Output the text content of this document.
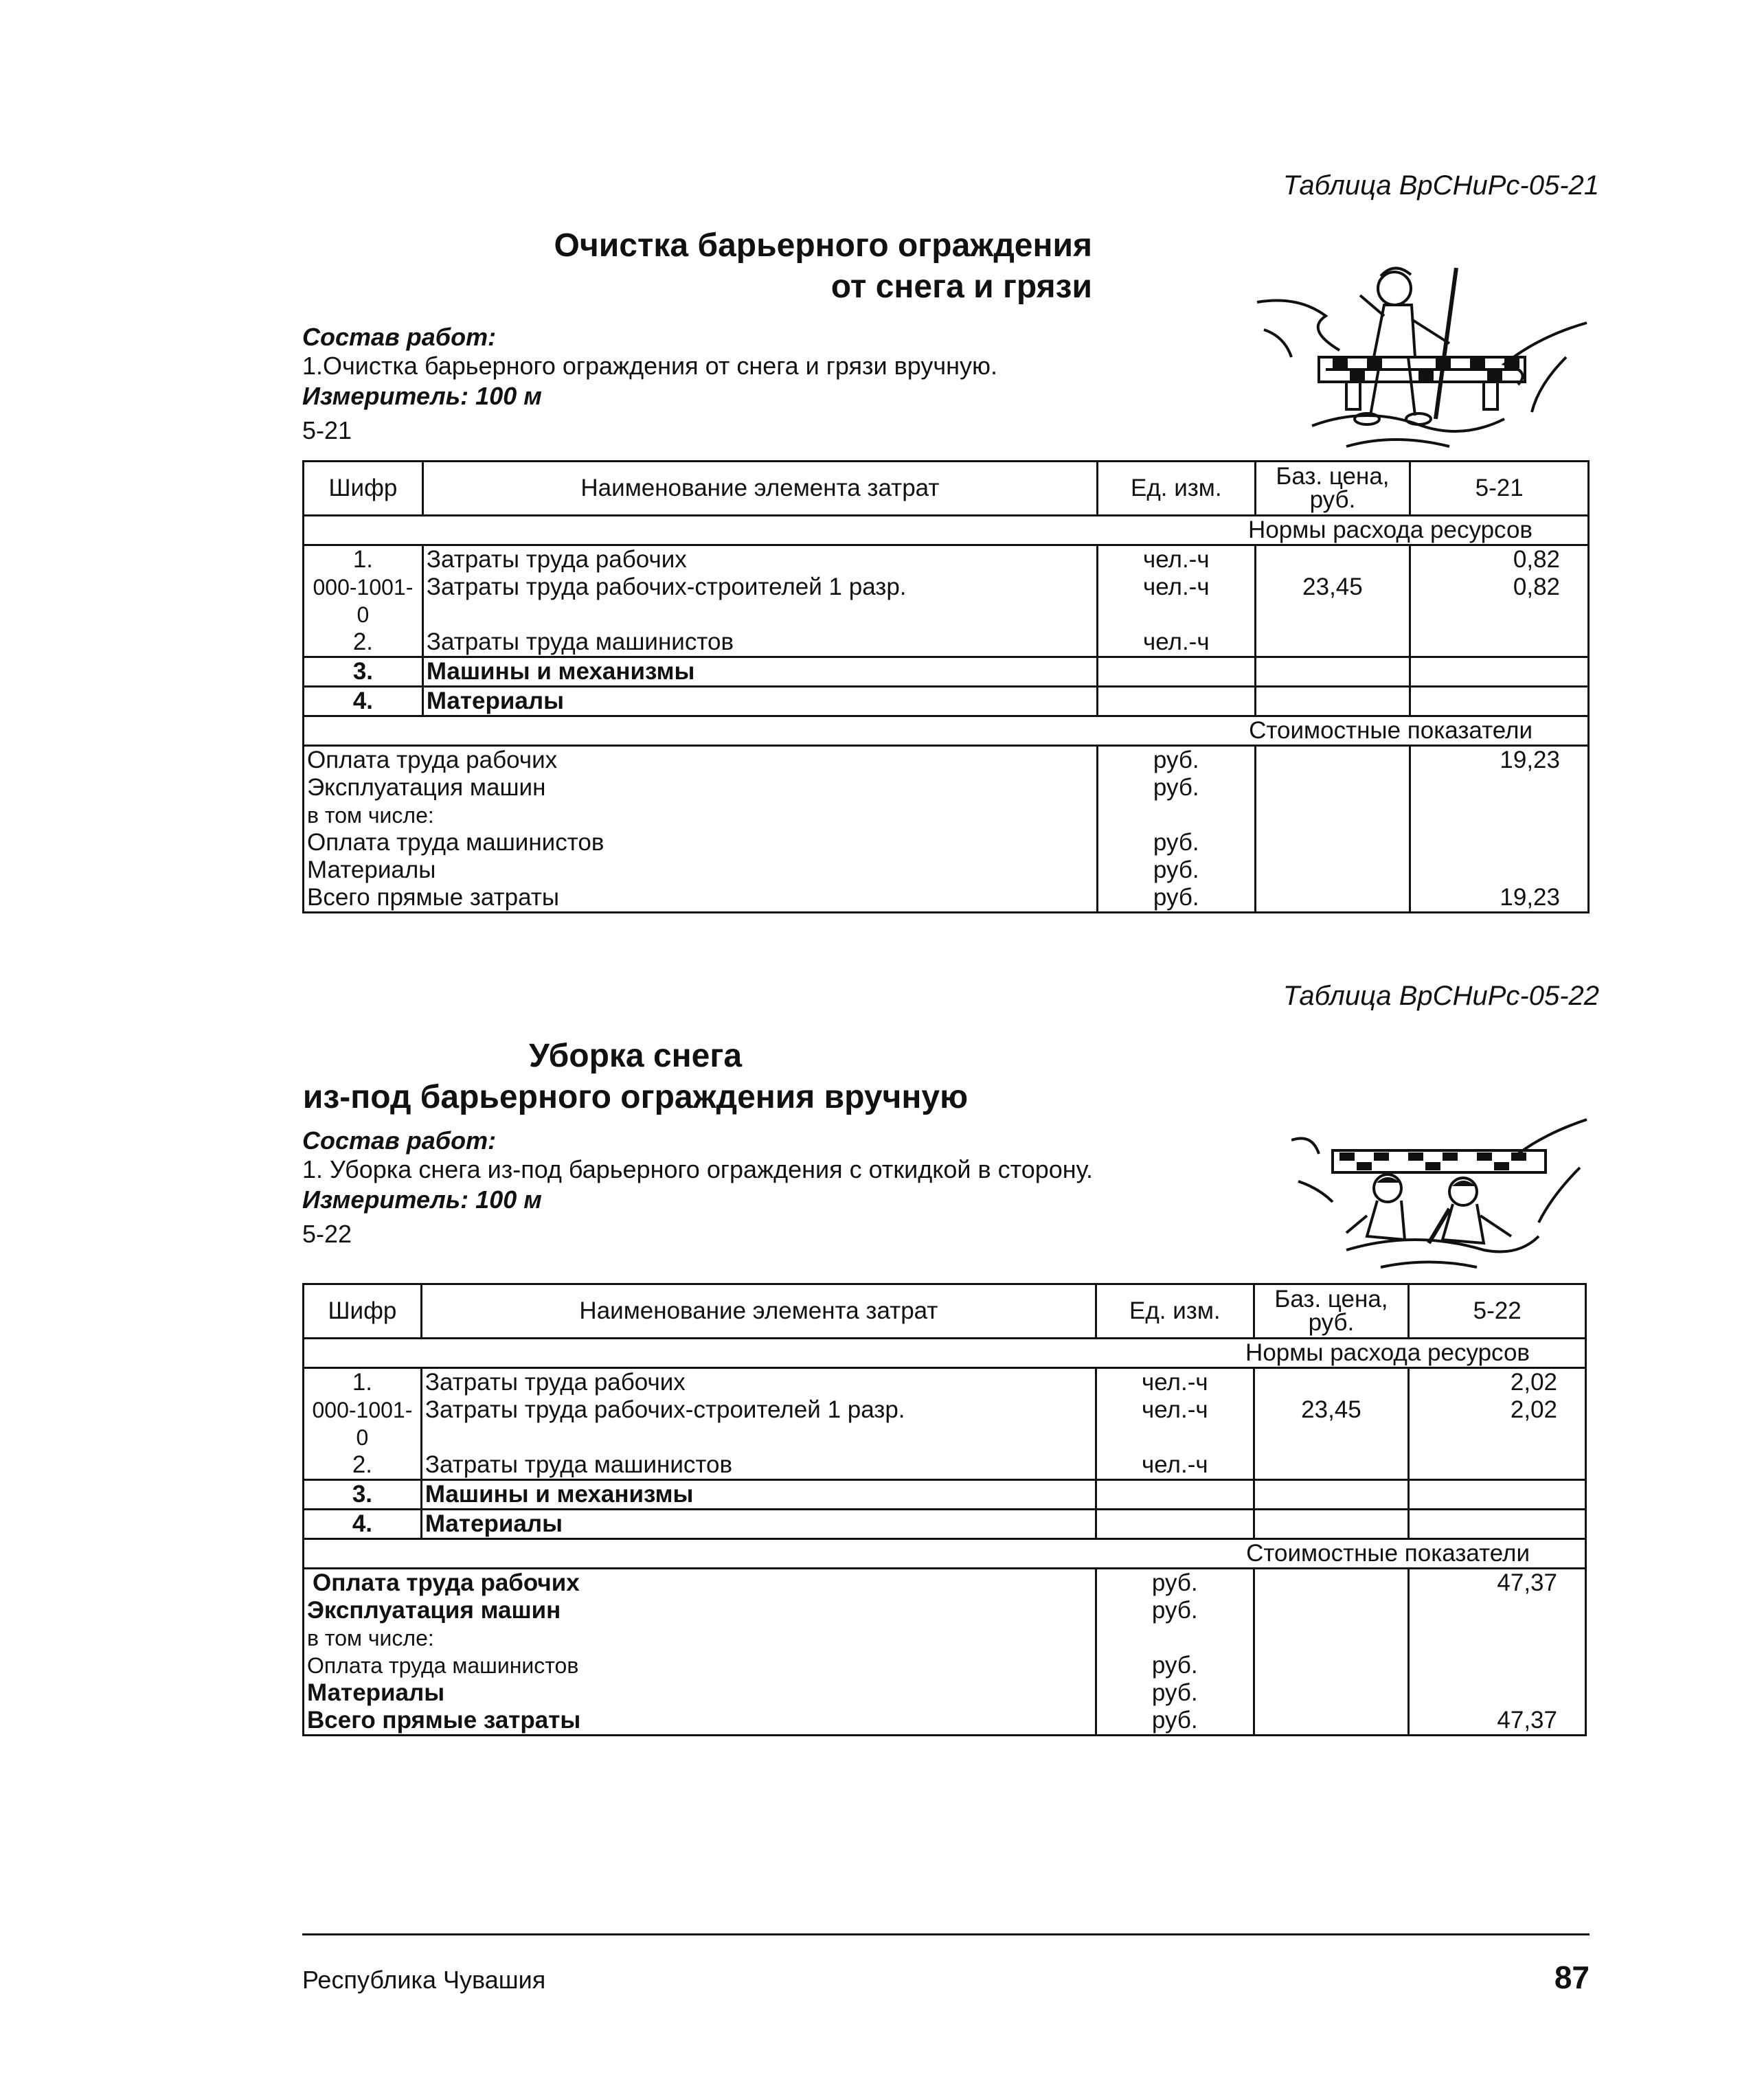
Таблица ВрСНиРс-05-21
Очистка барьерного ограждения
от снега и грязи
Состав работ:
1.Очистка барьерного ограждения от снега и грязи вручную.
Измеритель: 100 м
5-21
Шифр	Наименование элемента затрат	Ед. изм.	Баз. цена, руб.	5-21
Нормы расхода ресурсов				
1.	Затраты труда рабочих	чел.-ч		0,82
000-1001-0	Затраты труда рабочих-строителей 1 разр.	чел.-ч	23,45	0,82
2.	Затраты труда машинистов	чел.-ч		
3.	Машины и механизмы			
4.	Материалы			
Стоимостные показатели				
Оплата труда рабочих		руб.		19,23
Эксплуатация машин		руб.		
в том числе:				
Оплата труда машинистов		руб.		
Материалы		руб.		
Всего прямые затраты		руб.		19,23
Таблица ВрСНиРс-05-22
Уборка снега
из-под барьерного ограждения вручную
Состав работ:
1. Уборка снега из-под барьерного ограждения с откидкой в сторону.
Измеритель: 100 м
5-22
Шифр	Наименование элемента затрат	Ед. изм.	Баз. цена, руб.	5-22
Нормы расхода ресурсов				
1.	Затраты труда рабочих	чел.-ч		2,02
000-1001-0	Затраты труда рабочих-строителей 1 разр.	чел.-ч	23,45	2,02
2.	Затраты труда машинистов	чел.-ч		
3.	Машины и механизмы			
4.	Материалы			
Стоимостные показатели				
Оплата труда рабочих		руб.		47,37
Эксплуатация машин		руб.		
в том числе:				
Оплата труда машинистов		руб.		
Материалы		руб.		
Всего прямые затраты		руб.		47,37
Республика Чувашия	87
